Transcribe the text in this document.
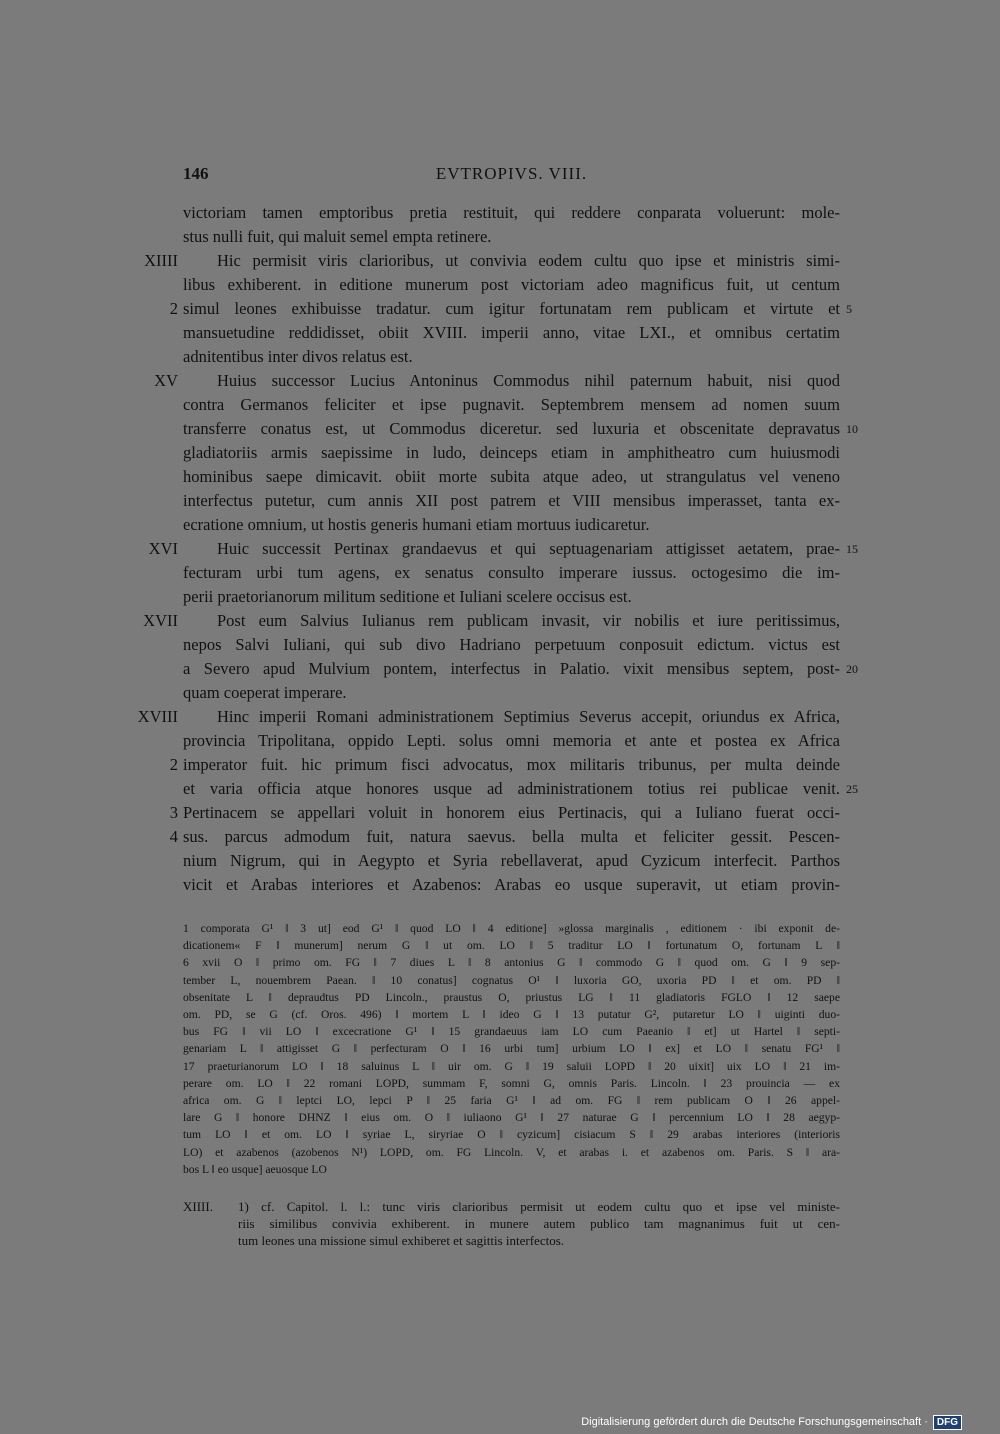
146	EVTROPIVS. VIII.
victoriam tamen emptoribus pretia restituit, qui reddere conparata voluerunt: mole-
stus nulli fuit, qui maluit semel empta retinere.
Hic permisit viris clarioribus, ut convivia eodem cultu quo ipse et ministris simi-
XIIII
libus exhiberent. in editione munerum post victoriam adeo magnificus fuit, ut centum
simul leones exhibuisse tradatur. cum igitur fortunatam rem publicam et virtute et
2	5
mansuetudine reddidisset, obiit XVIII. imperii anno, vitae LXI., et omnibus certatim
adnitentibus inter divos relatus est.
Huius successor Lucius Antoninus Commodus nihil paternum habuit, nisi quod
XV
contra Germanos feliciter et ipse pugnavit. Septembrem mensem ad nomen suum
transferre conatus est, ut Commodus diceretur. sed luxuria et obscenitate depravatus 10
gladiatoriis armis saepissime in ludo, deinceps etiam in amphitheatro cum huiusmodi
hominibus saepe dimicavit. obiit morte subita atque adeo, ut strangulatus vel veneno
interfectus putetur, cum annis XII post patrem et VIII mensibus imperasset, tanta ex-
ecratione omnium, ut hostis generis humani etiam mortuus iudicaretur.
Huic successit Pertinax grandaevus et qui septuagenariam attigisset aetatem, prae-
XVI	15
fecturam urbi tum agens, ex senatus consulto imperare iussus. octogesimo die im-
perii praetorianorum militum seditione et Iuliani scelere occisus est.
Post eum Salvius Iulianus rem publicam invasit, vir nobilis et iure peritissimus,
XVII
nepos Salvi Iuliani, qui sub divo Hadriano perpetuum conposuit edictum. victus est
a Severo apud Mulvium pontem, interfectus in Palatio. vixit mensibus septem, post- 20
quam coeperat imperare.
Hinc imperii Romani administrationem Septimius Severus accepit, oriundus ex Africa,
XVIII
provincia Tripolitana, oppido Lepti. solus omni memoria et ante et postea ex Africa
imperator fuit. hic primum fisci advocatus, mox militaris tribunus, per multa deinde
2
et varia officia atque honores usque ad administrationem totius rei publicae venit. 25
Pertinacem se appellari voluit in honorem eius Pertinacis, qui a Iuliano fuerat occi-
3
sus. parcus admodum fuit, natura saevus. bella multa et feliciter gessit. Pescen-
4
nium Nigrum, qui in Aegypto et Syria rebellaverat, apud Cyzicum interfecit. Parthos
vicit et Arabas interiores et Azabenos: Arabas eo usque superavit, ut etiam provin-
1 comporata G¹ ‖ 3 ut] eod G¹ ‖ quod LO ‖ 4 editione] »glossa marginalis , editionem · ibi exponit de-
dicationem« F ‖ munerum] nerum G ‖ ut om. LO ‖ 5 traditur LO ‖ fortunatum O, fortunam L ‖
6 xvii O ‖ primo om. FG ‖ 7 diues L ‖ 8 antonius G ‖ commodo G ‖ quod om. G ‖ 9 sep-
tember L, nouembrem Paean. ‖ 10 conatus] cognatus O¹ ‖ luxoria GO, uxoria PD ‖ et om. PD ‖
obsenitate L ‖ depraudtus PD Lincoln., praustus O, priustus LG ‖ 11 gladiatoris FGLO ‖ 12 saepe
om. PD, se G (cf. Oros. 496) ‖ mortem L ‖ ideo G ‖ 13 putatur G², putaretur LO ‖ uiginti duo-
bus FG ‖ vii LO ‖ excecratione G¹ ‖ 15 grandaeuus iam LO cum Paeanio ‖ et] ut Hartel ‖ septi-
genariam L ‖ attigisset G ‖ perfecturam O ‖ 16 urbi tum] urbium LO ‖ ex] et LO ‖ senatu FG¹ ‖
17 praeturianorum LO ‖ 18 saluinus L ‖ uir om. G ‖ 19 saluii LOPD ‖ 20 uixit] uix LO ‖ 21 im-
perare om. LO ‖ 22 romani LOPD, summam F, somni G, omnis Paris. Lincoln. ‖ 23 prouincia — ex
africa om. G ‖ leptci LO, lepci P ‖ 25 faria G¹ ‖ ad om. FG ‖ rem publicam O ‖ 26 appel-
lare G ‖ honore DHNZ ‖ eius om. O ‖ iuliaono G¹ ‖ 27 naturae G ‖ percennium LO ‖ 28 aegyp-
tum LO ‖ et om. LO ‖ syriae L, siryriae O ‖ cyzicum] cisiacum S ‖ 29 arabas interiores (interioris
LO) et azabenos (azobenos N¹) LOPD, om. FG Lincoln. V, et arabas i. et azabenos om. Paris. S ‖ ara-
bos L ‖ eo usque] aeuosque LO
XIIII. 1) cf. Capitol. l. l.: tunc viris clarioribus permisit ut eodem cultu quo et ipse vel ministe-
riis similibus convivia exhiberent. in munere autem publico tam magnanimus fuit ut cen-
tum leones una missione simul exhiberet et sagittis interfectos.
Digitalisierung gefördert durch die Deutsche Forschungsgemeinschaft · DFG
